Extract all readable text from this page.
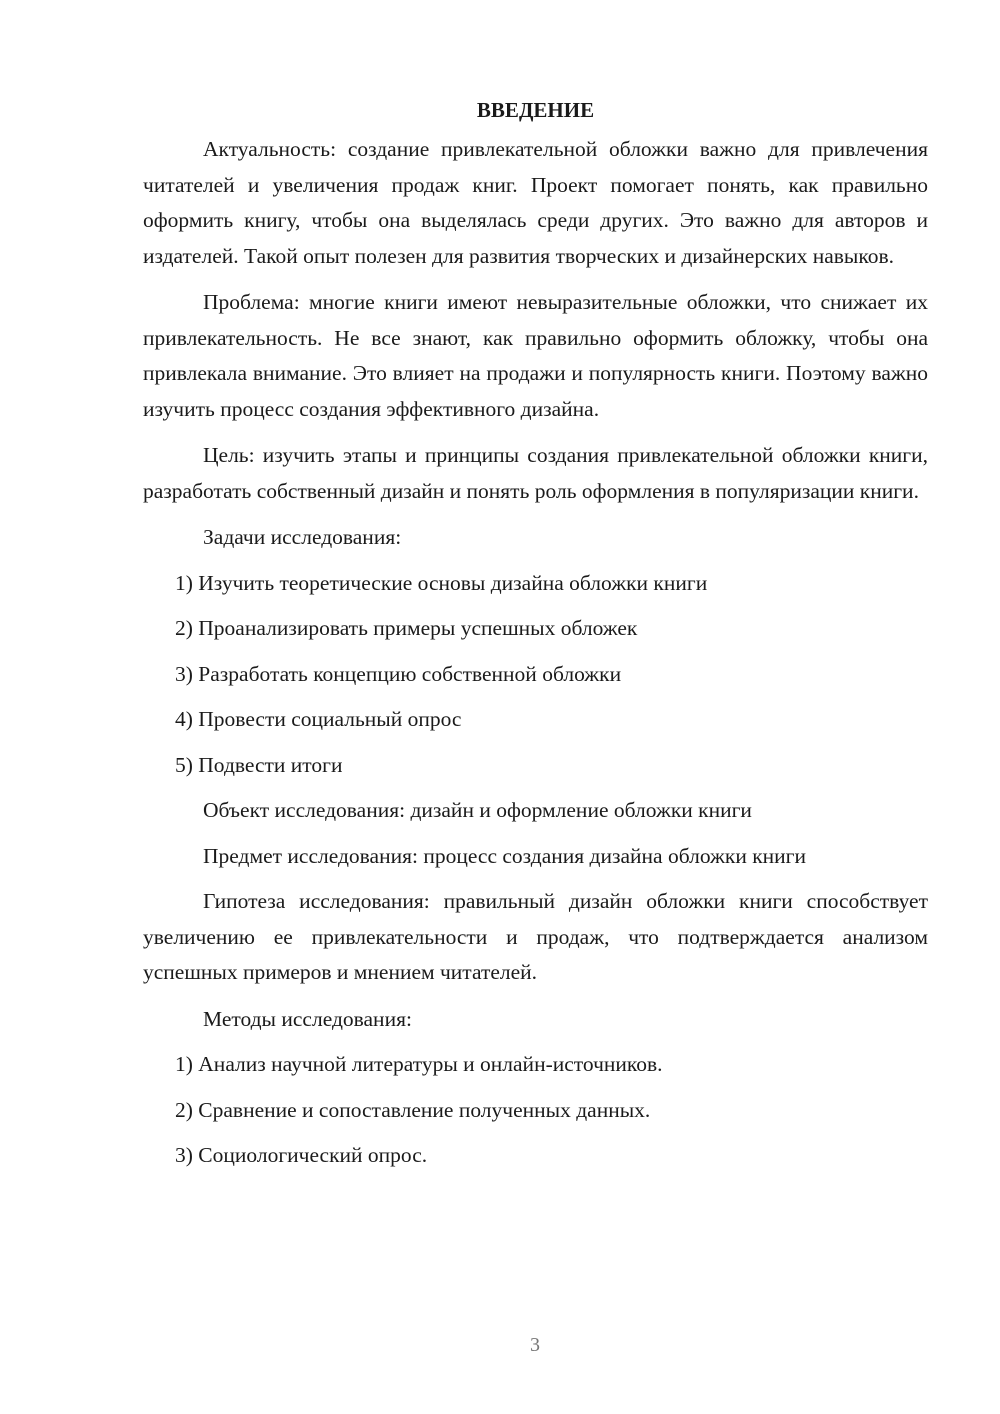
ВВЕДЕНИЕ

Актуальность: создание привлекательной обложки важно для привлечения читателей и увеличения продаж книг. Проект помогает понять, как правильно оформить книгу, чтобы она выделялась среди других. Это важно для авторов и издателей. Такой опыт полезен для развития творческих и дизайнерских навыков.

Проблема: многие книги имеют невыразительные обложки, что снижает их привлекательность. Не все знают, как правильно оформить обложку, чтобы она привлекала внимание. Это влияет на продажи и популярность книги. Поэтому важно изучить процесс создания эффективного дизайна.

Цель: изучить этапы и принципы создания привлекательной обложки книги, разработать собственный дизайн и понять роль оформления в популяризации книги.

Задачи исследования:
1) Изучить теоретические основы дизайна обложки книги
2) Проанализировать примеры успешных обложек
3) Разработать концепцию собственной обложки
4) Провести социальный опрос
5) Подвести итоги
Объект исследования: дизайн и оформление обложки книги
Предмет исследования: процесс создания дизайна обложки книги

Гипотеза исследования: правильный дизайн обложки книги способствует увеличению ее привлекательности и продаж, что подтверждается анализом успешных примеров и мнением читателей.

Методы исследования:
1) Анализ научной литературы и онлайн-источников.
2) Сравнение и сопоставление полученных данных.
3) Социологический опрос.
3
